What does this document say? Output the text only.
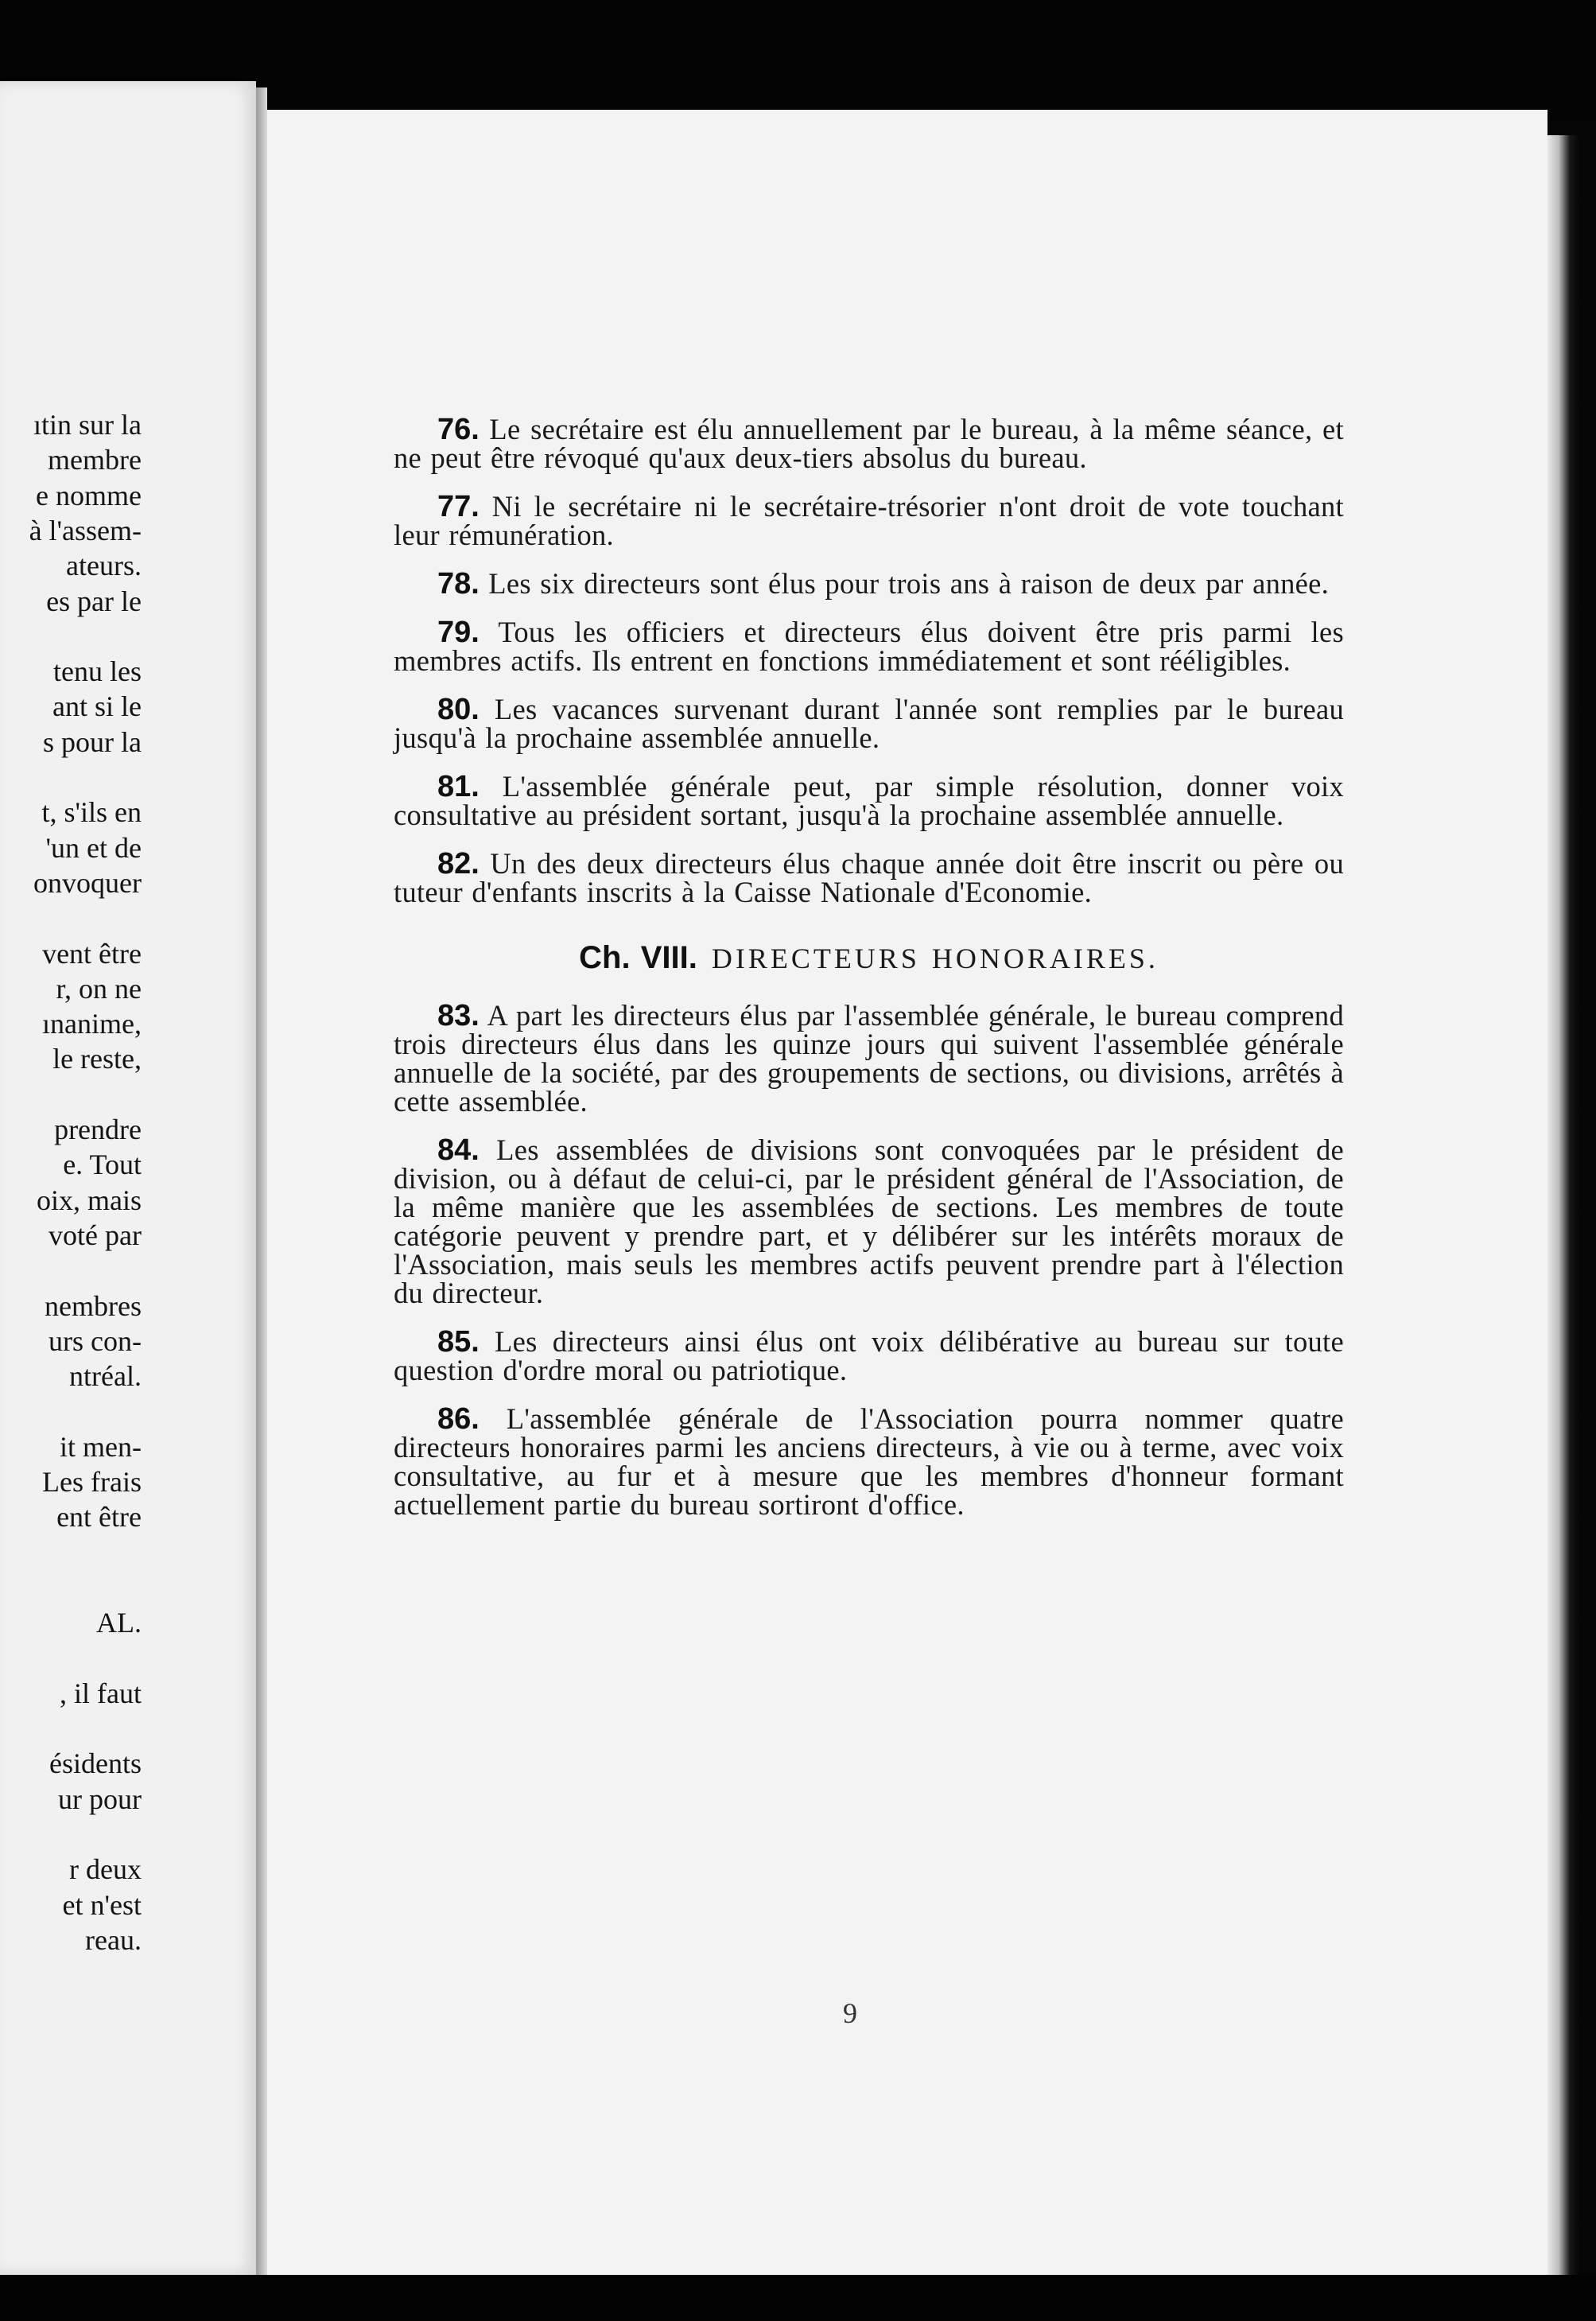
ıtin sur la
membre
e nomme
à l'assem-
ateurs.
es par le
tenu les
ant si le
s pour la
t, s'ils en
'un et de
onvoquer
vent être
r, on ne
ınanime,
le reste,
prendre
e. Tout
oix, mais
voté par
nembres
urs con-
ntréal.
it men-
Les frais
ent être
AL.
, il faut
ésidents
ur pour
r deux
et n'est
reau.

76. Le secrétaire est élu annuellement par le bureau, à la même séance, et ne peut être révoqué qu'aux deux-tiers absolus du bureau.

77. Ni le secrétaire ni le secrétaire-trésorier n'ont droit de vote touchant leur rémunération.

78. Les six directeurs sont élus pour trois ans à raison de deux par année.

79. Tous les officiers et directeurs élus doivent être pris parmi les membres actifs. Ils entrent en fonctions immédiatement et sont rééligibles.

80. Les vacances survenant durant l'année sont remplies par le bureau jusqu'à la prochaine assemblée annuelle.

81. L'assemblée générale peut, par simple résolution, donner voix consultative au président sortant, jusqu'à la prochaine assemblée annuelle.

82. Un des deux directeurs élus chaque année doit être inscrit ou père ou tuteur d'enfants inscrits à la Caisse Nationale d'Economie.

Ch. VIII. DIRECTEURS HONORAIRES.

83. A part les directeurs élus par l'assemblée générale, le bureau comprend trois directeurs élus dans les quinze jours qui suivent l'assemblée générale annuelle de la société, par des groupements de sections, ou divisions, arrêtés à cette assemblée.

84. Les assemblées de divisions sont convoquées par le président de division, ou à défaut de celui-ci, par le président général de l'Association, de la même manière que les assemblées de sections. Les membres de toute catégorie peuvent y prendre part, et y délibérer sur les intérêts moraux de l'Association, mais seuls les membres actifs peuvent prendre part à l'élection du directeur.

85. Les directeurs ainsi élus ont voix délibérative au bureau sur toute question d'ordre moral ou patriotique.

86. L'assemblée générale de l'Association pourra nommer quatre directeurs honoraires parmi les anciens directeurs, à vie ou à terme, avec voix consultative, au fur et à mesure que les membres d'honneur formant actuellement partie du bureau sortiront d'office.

9
